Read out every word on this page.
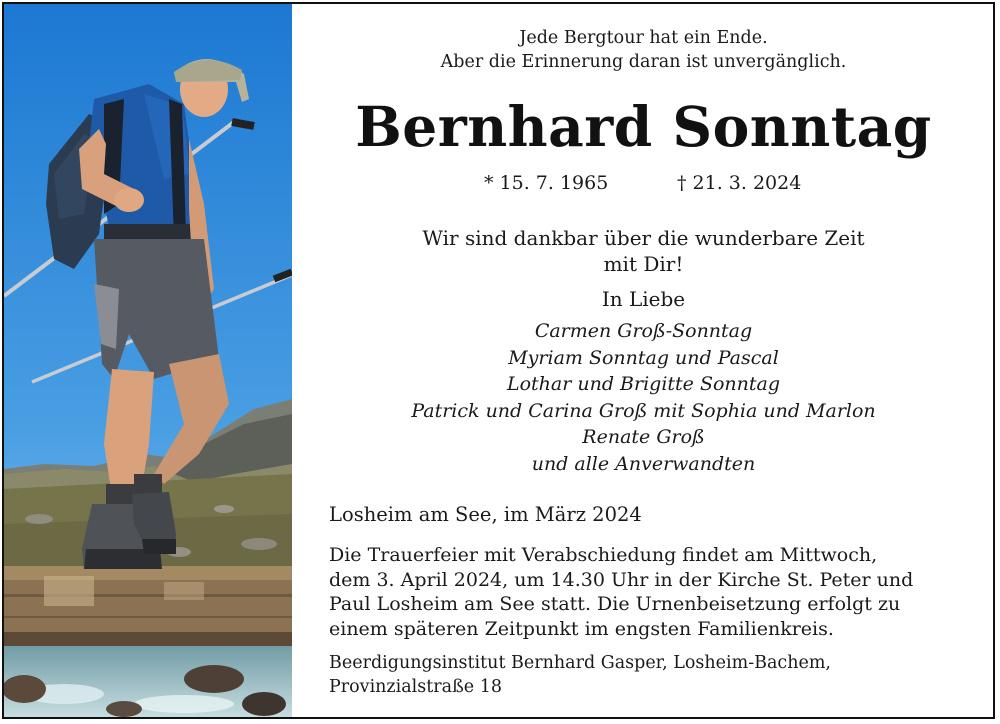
Jede Bergtour hat ein Ende.
Aber die Erinnerung daran ist unvergänglich.
Bernhard Sonntag
* 15. 7. 1965	† 21. 3. 2024
Wir sind dankbar über die wunderbare Zeit
mit Dir!
In Liebe
Carmen Groß-Sonntag
Myriam Sonntag und Pascal
Lothar und Brigitte Sonntag
Patrick und Carina Groß mit Sophia und Marlon
Renate Groß
und alle Anverwandten
Losheim am See, im März 2024

Die Trauerfeier mit Verabschiedung findet am Mittwoch,
dem 3. April 2024, um 14.30 Uhr in der Kirche St. Peter und
Paul Losheim am See statt. Die Urnenbeisetzung erfolgt zu
einem späteren Zeitpunkt im engsten Familienkreis.

Beerdigungsinstitut Bernhard Gasper, Losheim-Bachem,
Provinzialstraße 18
